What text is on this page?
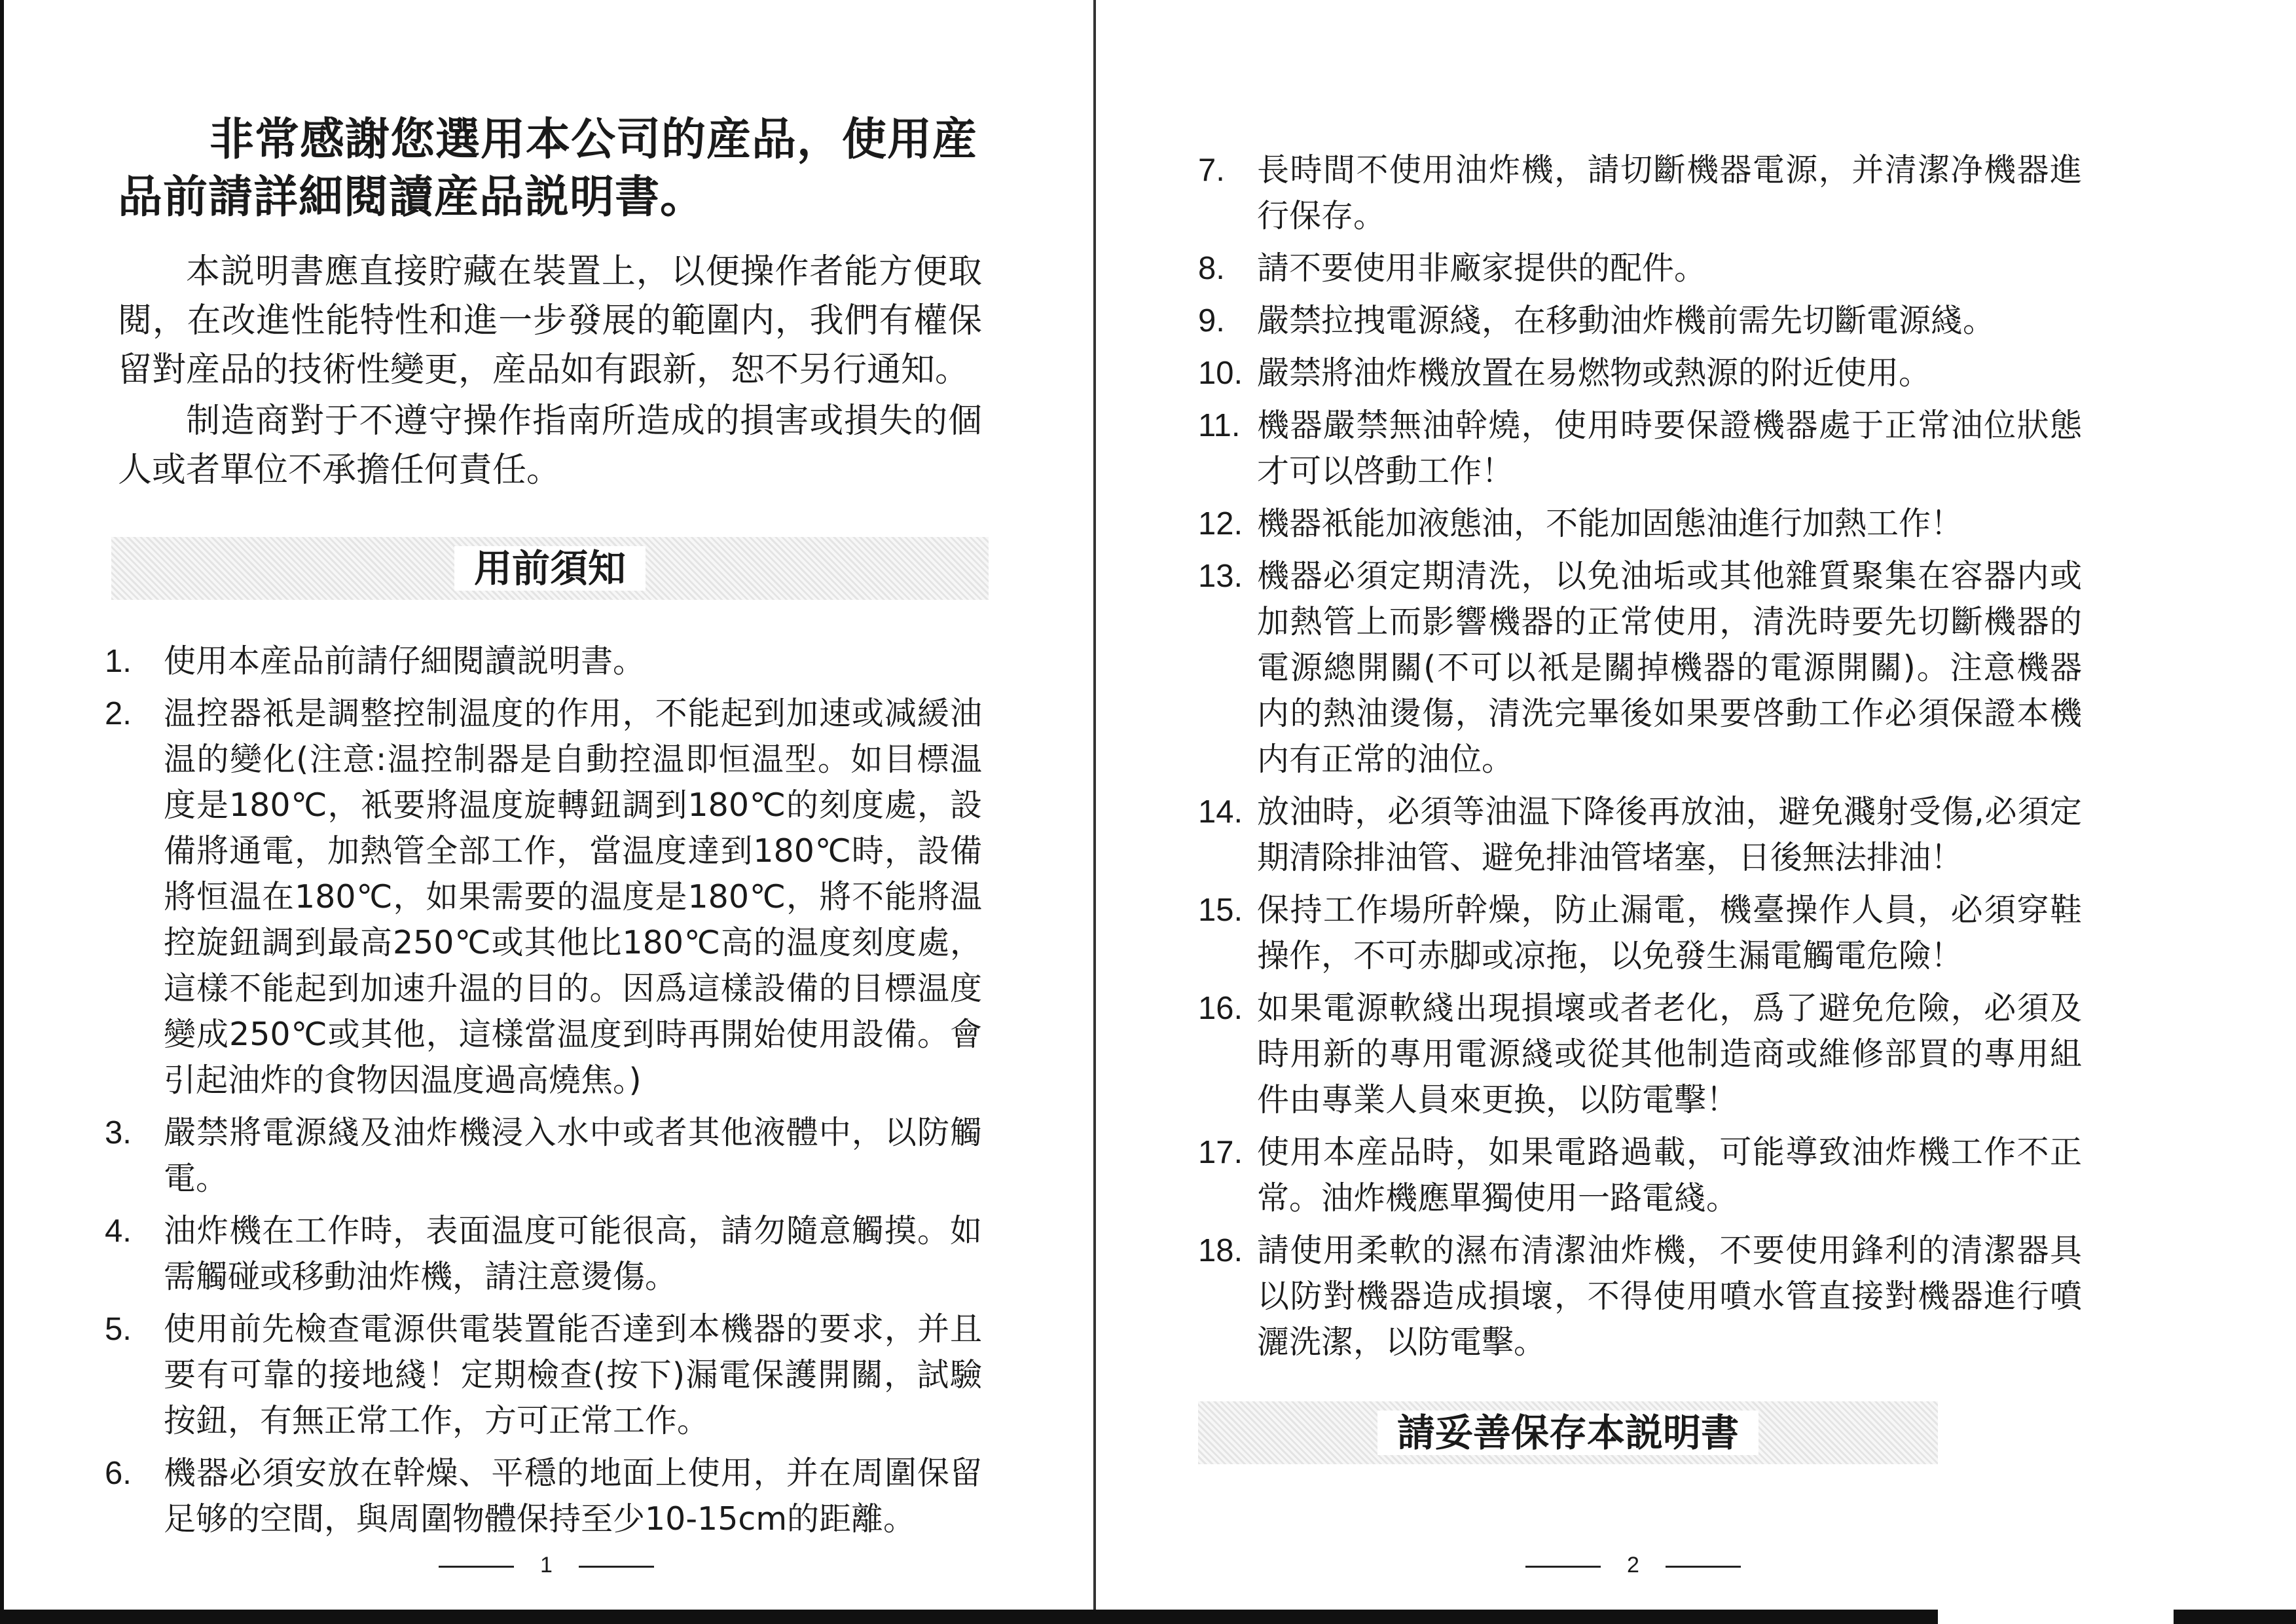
非常感謝您選用本公司的産品，使用産品前請詳細閱讀産品説明書。
本説明書應直接貯藏在裝置上，以便操作者能方便取閱，在改進性能特性和進一步發展的範圍内，我們有權保留對産品的技術性變更，産品如有跟新，恕不另行通知。
制造商對于不遵守操作指南所造成的損害或損失的個人或者單位不承擔任何責任。
用前須知
1.	使用本産品前請仔細閱讀説明書。
2.	温控器衹是調整控制温度的作用，不能起到加速或减緩油温的變化(注意:温控制器是自動控温即恒温型。如目標温度是180℃，衹要將温度旋轉鈕調到180℃的刻度處，設備將通電，加熱管全部工作，當温度達到180℃時，設備將恒温在180℃，如果需要的温度是180℃，將不能將温控旋鈕調到最高250℃或其他比180℃高的温度刻度處，這樣不能起到加速升温的目的。因爲這樣設備的目標温度變成250℃或其他，這樣當温度到時再開始使用設備。會引起油炸的食物因温度過高燒焦。)
3.	嚴禁將電源綫及油炸機浸入水中或者其他液體中，以防觸電。
4.	油炸機在工作時，表面温度可能很高，請勿隨意觸摸。如需觸碰或移動油炸機，請注意燙傷。
5.	使用前先檢查電源供電裝置能否達到本機器的要求，并且要有可靠的接地綫！定期檢查(按下)漏電保護開關，試驗按鈕，有無正常工作，方可正常工作。
6.	機器必須安放在幹燥、平穩的地面上使用，并在周圍保留足够的空間，與周圍物體保持至少10-15cm的距離。
1
7.	長時間不使用油炸機，請切斷機器電源，并清潔净機器進行保存。
8.	請不要使用非廠家提供的配件。
9.	嚴禁拉拽電源綫，在移動油炸機前需先切斷電源綫。
10. 嚴禁將油炸機放置在易燃物或熱源的附近使用。
11. 機器嚴禁無油幹燒，使用時要保證機器處于正常油位狀態才可以啓動工作！
12. 機器衹能加液態油，不能加固態油進行加熱工作！
13. 機器必須定期清洗，以免油垢或其他雜質聚集在容器内或加熱管上而影響機器的正常使用，清洗時要先切斷機器的電源總開關(不可以衹是關掉機器的電源開關)。注意機器内的熱油燙傷，清洗完畢後如果要啓動工作必須保證本機内有正常的油位。
14. 放油時，必須等油温下降後再放油，避免濺射受傷,必須定期清除排油管、避免排油管堵塞，日後無法排油！
15. 保持工作場所幹燥，防止漏電，機臺操作人員，必須穿鞋操作，不可赤脚或凉拖，以免發生漏電觸電危險！
16. 如果電源軟綫出現損壞或者老化，爲了避免危險，必須及時用新的專用電源綫或從其他制造商或維修部買的專用組件由專業人員來更换，以防電擊！
17. 使用本産品時，如果電路過載，可能導致油炸機工作不正常。油炸機應單獨使用一路電綫。
18. 請使用柔軟的濕布清潔油炸機，不要使用鋒利的清潔器具以防對機器造成損壞，不得使用噴水管直接對機器進行噴灑洗潔，以防電擊。
請妥善保存本説明書
2
